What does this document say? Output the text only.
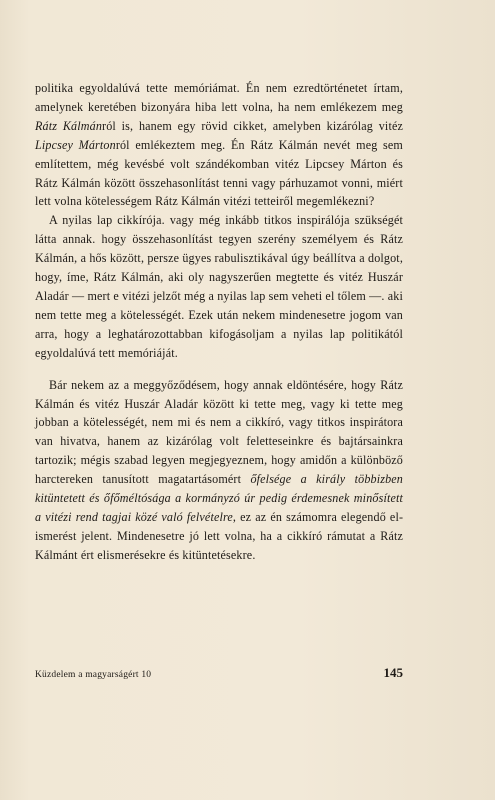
politika egyoldalúvá tette memóriámat. Én nem ezredtörténetet írtam, amelynek keretében bizonyára hiba lett volna, ha nem emlékezem meg Rátz Kálmánról is, hanem egy rövid cikket, amelyben kizárólag vitéz Lipcsey Mártonról emlékeztem meg. Én Rátz Kálmán nevét meg sem említettem, még kevésbé volt szándékomban vitéz Lipcsey Márton és Rátz Kálmán között összehasonlítást tenni vagy párhuzamot vonni, miért lett volna kötelességem Rátz Kálmán vitézi tetteiről megemlékezni?

A nyilas lap cikkírója. vagy még inkább titkos inspirálója szükségét látta annak. hogy összehasonlítást tegyen szerény személyem és Rátz Kálmán, a hős között, persze ügyes rabulisztikával úgy beállítva a dolgot, hogy, íme, Rátz Kálmán, aki oly nagyszerűen megtette és vitéz Huszár Aladár — mert e vitézi jelzőt még a nyilas lap sem veheti el tőlem —. aki nem tette meg a kötelességét. Ezek után nekem mindenesetre jogom van arra, hogy a leghatározottabban kifogásoljam a nyilas lap politikától egyoldalúvá tett memóriáját.

Bár nekem az a meggyőződésem, hogy annak eldöntésére, hogy Rátz Kálmán és vitéz Huszár Aladár között ki tette meg, vagy ki tette meg jobban a kötelességét, nem mi és nem a cikkíró, vagy titkos inspirátora van hivatva, hanem az kizárólag volt feletteseinkre és bajtársainkra tartozik; mégis szabad legyen megjegyeznem, hogy amidőn a különböző harctereken tanusított magatartásomért őfelsége a király többizben kitüntetett és őfőméltósága a kormányzó úr pedig érdemesnek minősített a vitézi rend tagjai közé való felvételre, ez az én számomra elegendő elismerést jelent. Mindenesetre jó lett volna, ha a cikkíró rámutat a Rátz Kálmánt ért elismerésekre és kitüntetésekre.

Küzdelem a magyarságért 10	145
